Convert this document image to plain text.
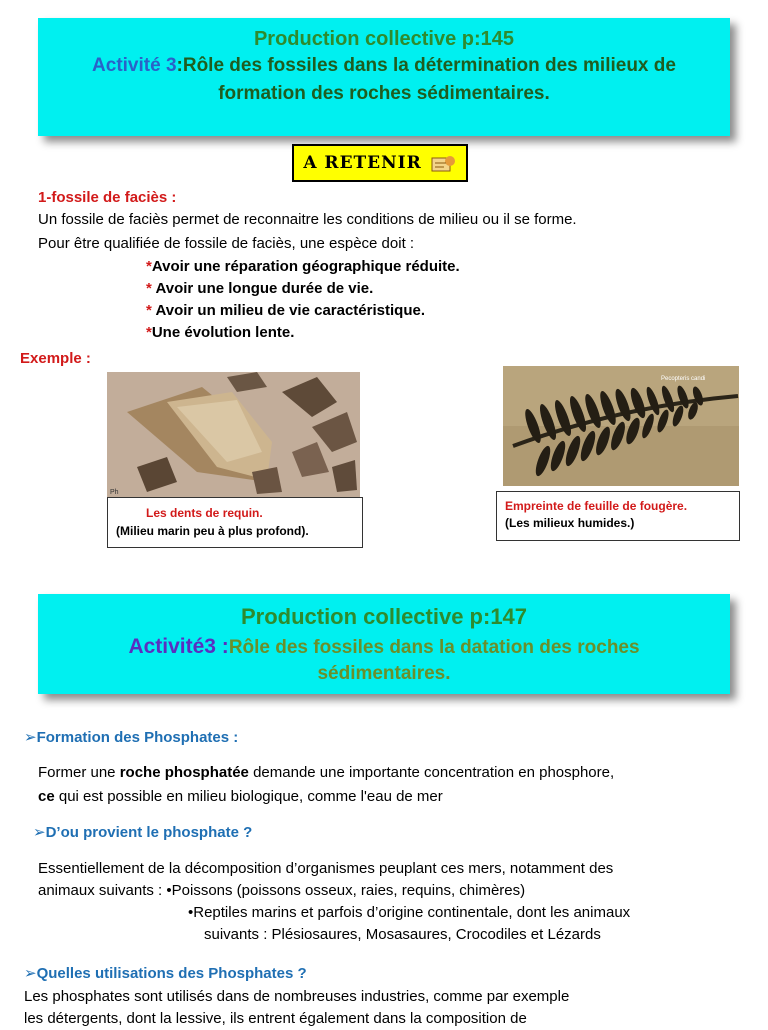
Production collective p:145
Activité 3:Rôle des fossiles dans la détermination des milieux de
formation des roches sédimentaires.
A RETENIR
1-fossile de faciès :
Un fossile de faciès permet de reconnaitre les conditions de milieu ou il se forme.
Pour être qualifiée de fossile de faciès, une espèce doit :
*Avoir une réparation géographique réduite.
* Avoir une longue durée de vie.
* Avoir un milieu de vie caractéristique.
*Une évolution lente.
Exemple :
Ph
Les dents de requin.
(Milieu marin peu à plus profond).
Pecopteris candi
Empreinte de feuille de fougère.
(Les milieux humides.)
Production collective p:147
Activité3 :Rôle des fossiles dans la datation des roches
sédimentaires.
➢Formation des Phosphates :
Former une roche phosphatée demande une importante concentration en phosphore,
ce qui est possible en milieu biologique, comme l'eau de mer
➢D’ou provient le phosphate ?
Essentiellement de la décomposition d’organismes peuplant ces mers, notamment des
animaux suivants : •Poissons (poissons osseux, raies, requins, chimères)
•Reptiles marins et parfois d’origine continentale, dont les animaux
suivants : Plésiosaures, Mosasaures, Crocodiles et Lézards
➢Quelles utilisations des Phosphates ?
Les phosphates sont utilisés dans de nombreuses industries, comme par exemple
les détergents, dont la lessive, ils entrent également dans la composition de
